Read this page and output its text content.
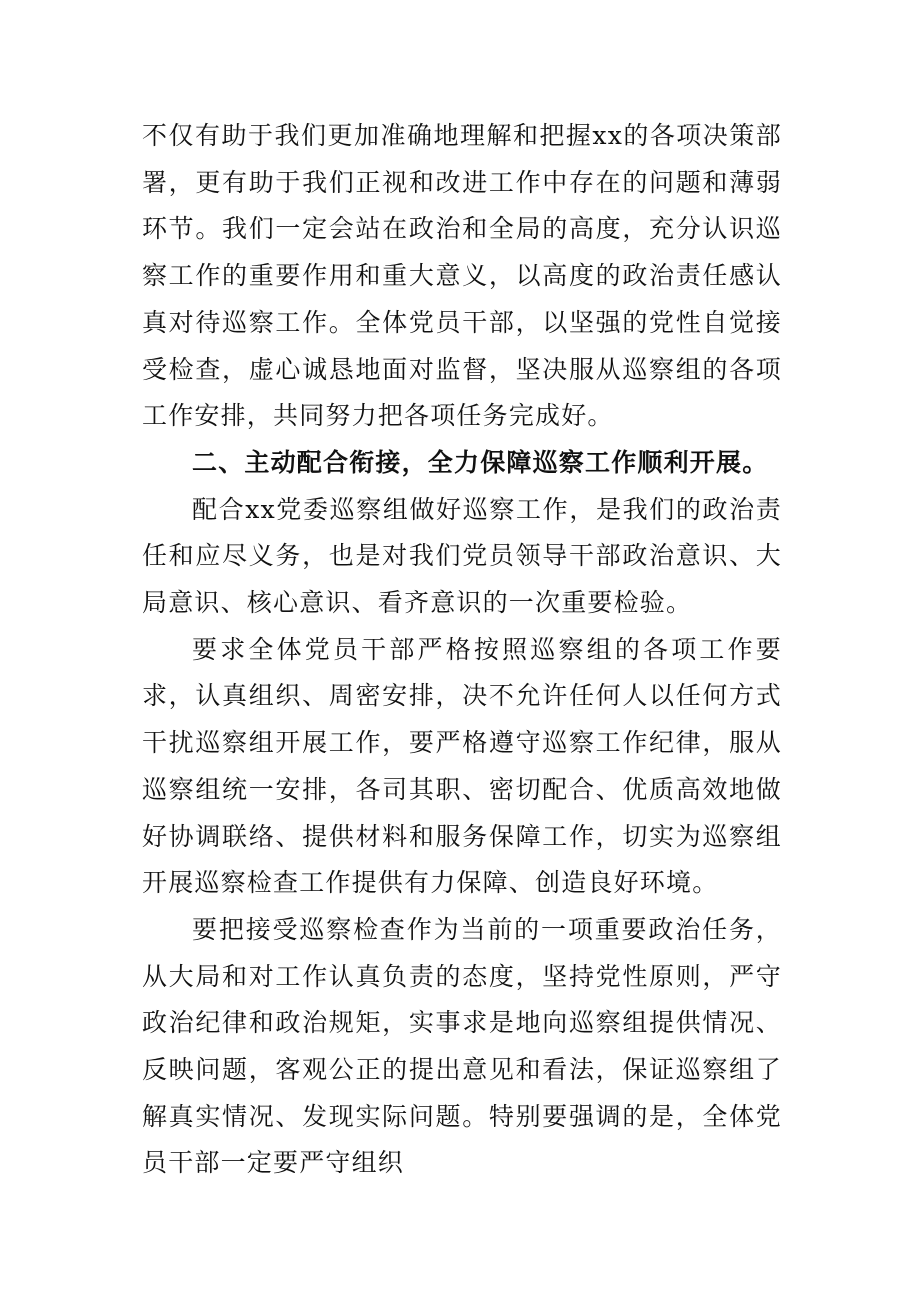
不仅有助于我们更加准确地理解和把握xx的各项决策部署，更有助于我们正视和改进工作中存在的问题和薄弱环节。我们一定会站在政治和全局的高度，充分认识巡察工作的重要作用和重大意义，以高度的政治责任感认真对待巡察工作。全体党员干部，以坚强的党性自觉接受检查，虚心诚恳地面对监督，坚决服从巡察组的各项工作安排，共同努力把各项任务完成好。

二、主动配合衔接，全力保障巡察工作顺利开展。

配合xx党委巡察组做好巡察工作，是我们的政治责任和应尽义务，也是对我们党员领导干部政治意识、大局意识、核心意识、看齐意识的一次重要检验。

要求全体党员干部严格按照巡察组的各项工作要求，认真组织、周密安排，决不允许任何人以任何方式干扰巡察组开展工作，要严格遵守巡察工作纪律，服从巡察组统一安排，各司其职、密切配合、优质高效地做好协调联络、提供材料和服务保障工作，切实为巡察组开展巡察检查工作提供有力保障、创造良好环境。

要把接受巡察检查作为当前的一项重要政治任务，从大局和对工作认真负责的态度，坚持党性原则，严守政治纪律和政治规矩，实事求是地向巡察组提供情况、反映问题，客观公正的提出意见和看法，保证巡察组了解真实情况、发现实际问题。特别要强调的是，全体党员干部一定要严守组织
